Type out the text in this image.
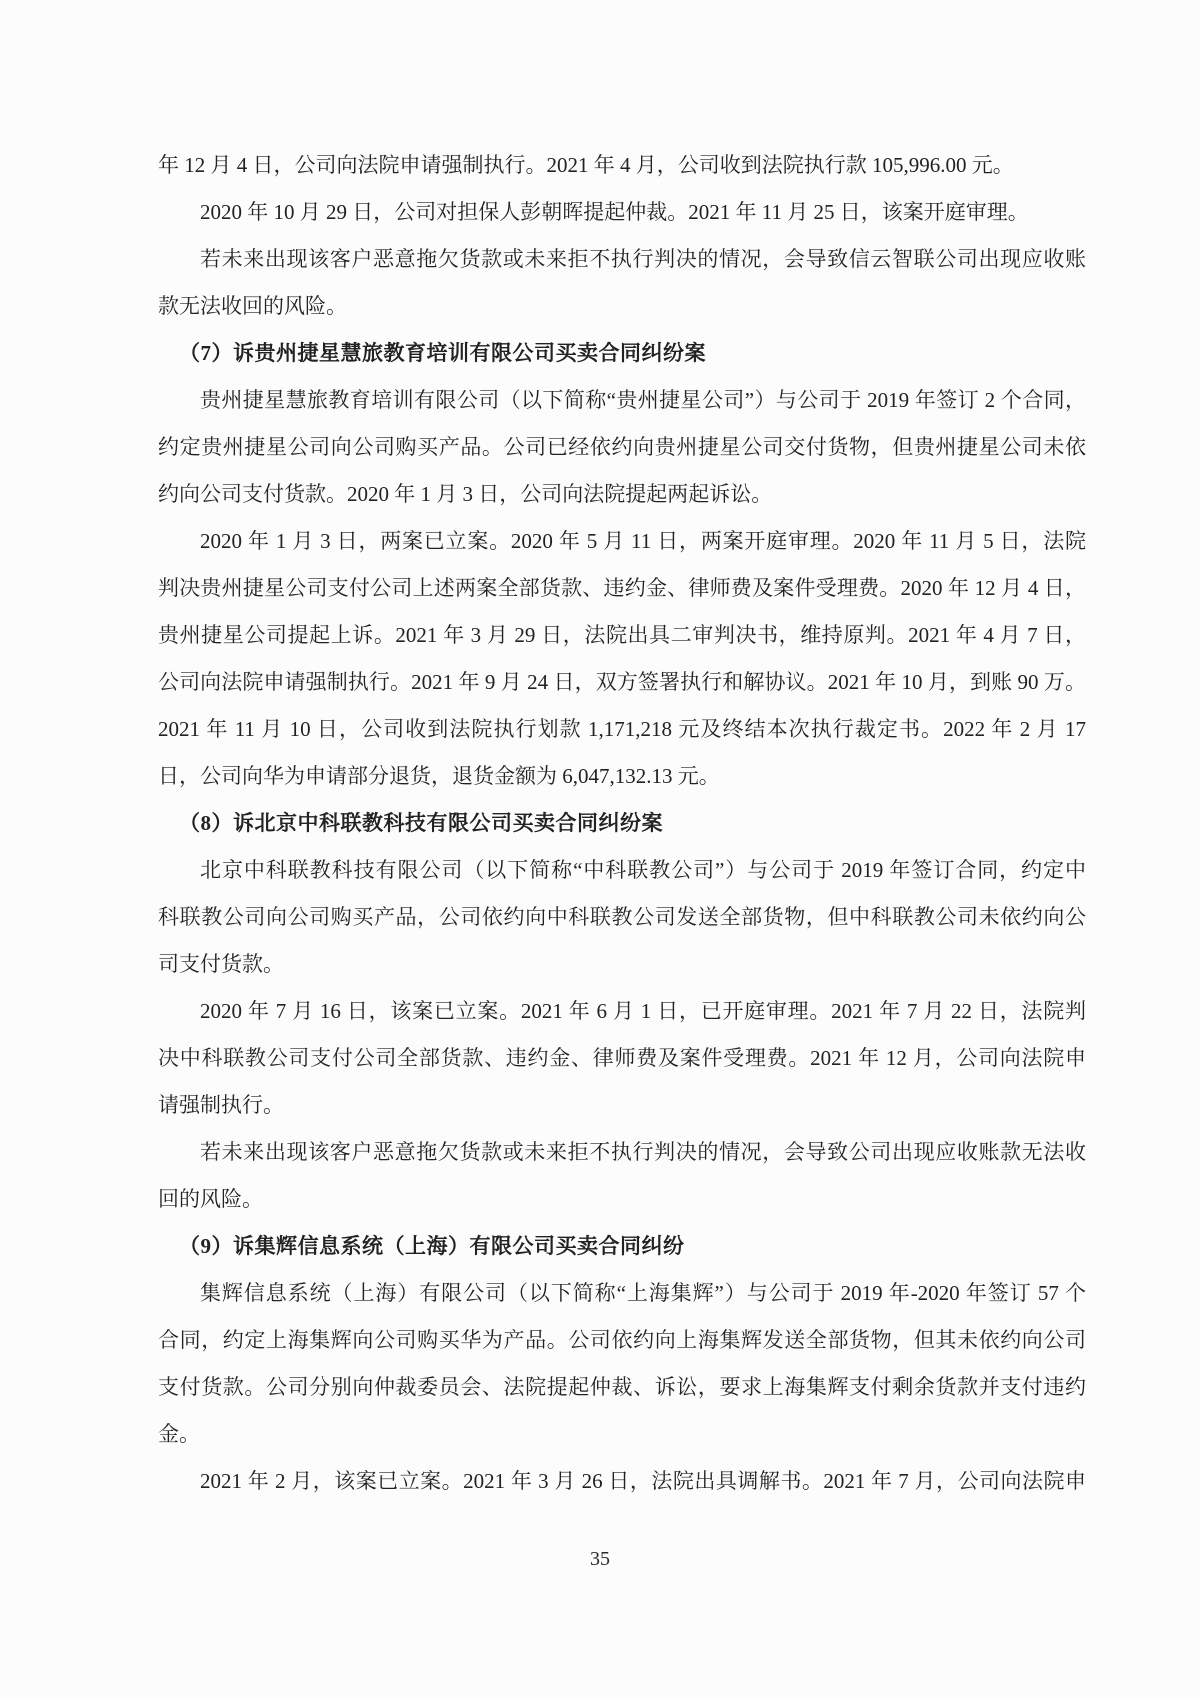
年 12 月 4 日，公司向法院申请强制执行。2021 年 4 月，公司收到法院执行款 105,996.00 元。
2020 年 10 月 29 日，公司对担保人彭朝晖提起仲裁。2021 年 11 月 25 日，该案开庭审理。
若未来出现该客户恶意拖欠货款或未来拒不执行判决的情况，会导致信云智联公司出现应收账
款无法收回的风险。
（7）诉贵州捷星慧旅教育培训有限公司买卖合同纠纷案
贵州捷星慧旅教育培训有限公司（以下简称“贵州捷星公司”）与公司于 2019 年签订 2 个合同，
约定贵州捷星公司向公司购买产品。公司已经依约向贵州捷星公司交付货物，但贵州捷星公司未依
约向公司支付货款。2020 年 1 月 3 日，公司向法院提起两起诉讼。
2020 年 1 月 3 日，两案已立案。2020 年 5 月 11 日，两案开庭审理。2020 年 11 月 5 日，法院
判决贵州捷星公司支付公司上述两案全部货款、违约金、律师费及案件受理费。2020 年 12 月 4 日，
贵州捷星公司提起上诉。2021 年 3 月 29 日，法院出具二审判决书，维持原判。2021 年 4 月 7 日，
公司向法院申请强制执行。2021 年 9 月 24 日，双方签署执行和解协议。2021 年 10 月，到账 90 万。
2021 年 11 月 10 日，公司收到法院执行划款 1,171,218 元及终结本次执行裁定书。2022 年 2 月 17
日，公司向华为申请部分退货，退货金额为 6,047,132.13 元。
（8）诉北京中科联教科技有限公司买卖合同纠纷案
北京中科联教科技有限公司（以下简称“中科联教公司”）与公司于 2019 年签订合同，约定中
科联教公司向公司购买产品，公司依约向中科联教公司发送全部货物，但中科联教公司未依约向公
司支付货款。
2020 年 7 月 16 日，该案已立案。2021 年 6 月 1 日，已开庭审理。2021 年 7 月 22 日，法院判
决中科联教公司支付公司全部货款、违约金、律师费及案件受理费。2021 年 12 月，公司向法院申
请强制执行。
若未来出现该客户恶意拖欠货款或未来拒不执行判决的情况，会导致公司出现应收账款无法收
回的风险。
（9）诉集辉信息系统（上海）有限公司买卖合同纠纷
集辉信息系统（上海）有限公司（以下简称“上海集辉”）与公司于 2019 年-2020 年签订 57 个
合同，约定上海集辉向公司购买华为产品。公司依约向上海集辉发送全部货物，但其未依约向公司
支付货款。公司分别向仲裁委员会、法院提起仲裁、诉讼，要求上海集辉支付剩余货款并支付违约
金。
2021 年 2 月，该案已立案。2021 年 3 月 26 日，法院出具调解书。2021 年 7 月，公司向法院申
35
